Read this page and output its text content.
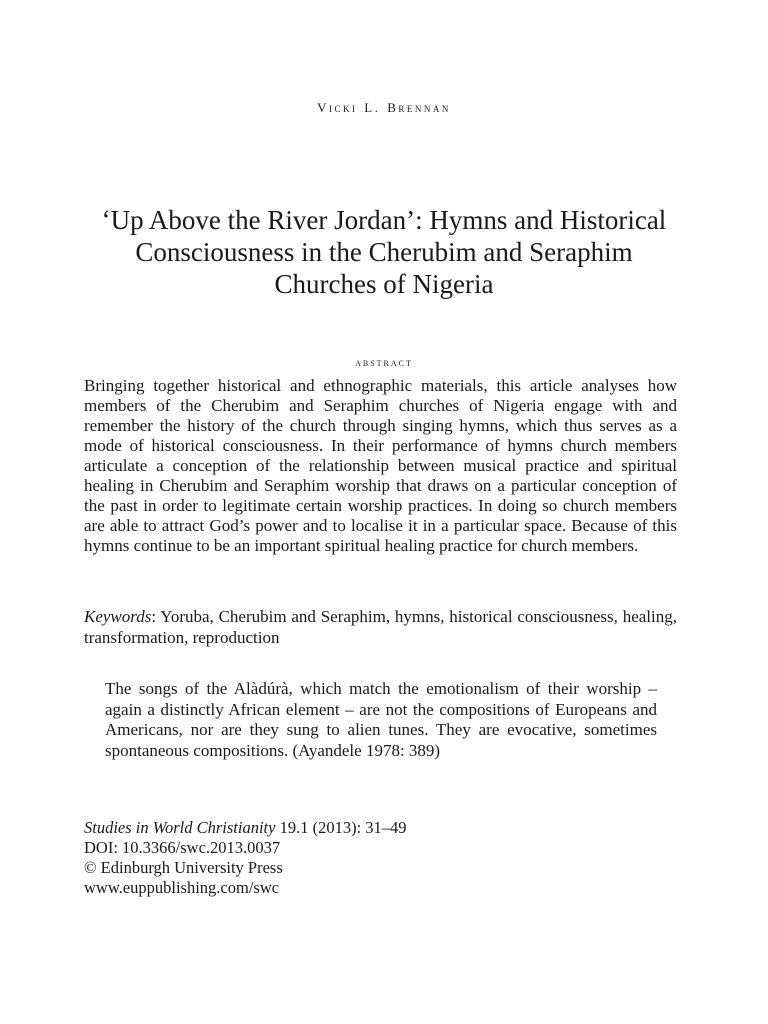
Vicki L. Brennan
‘Up Above the River Jordan’: Hymns and Historical Consciousness in the Cherubim and Seraphim Churches of Nigeria
abstract

Bringing together historical and ethnographic materials, this article analyses how members of the Cherubim and Seraphim churches of Nigeria engage with and remember the history of the church through singing hymns, which thus serves as a mode of historical consciousness. In their performance of hymns church members articulate a conception of the relationship between musical practice and spiritual healing in Cherubim and Seraphim worship that draws on a particular conception of the past in order to legitimate certain worship practices. In doing so church members are able to attract God’s power and to localise it in a particular space. Because of this hymns continue to be an important spiritual healing practice for church members.

Keywords: Yoruba, Cherubim and Seraphim, hymns, historical consciousness, healing, transformation, reproduction

The songs of the Alàdúrà, which match the emotionalism of their worship – again a distinctly African element – are not the compositions of Europeans and Americans, nor are they sung to alien tunes. They are evocative, sometimes spontaneous compositions. (Ayandele 1978: 389)

Studies in World Christianity 19.1 (2013): 31–49
DOI: 10.3366/swc.2013.0037
© Edinburgh University Press
www.euppublishing.com/swc
